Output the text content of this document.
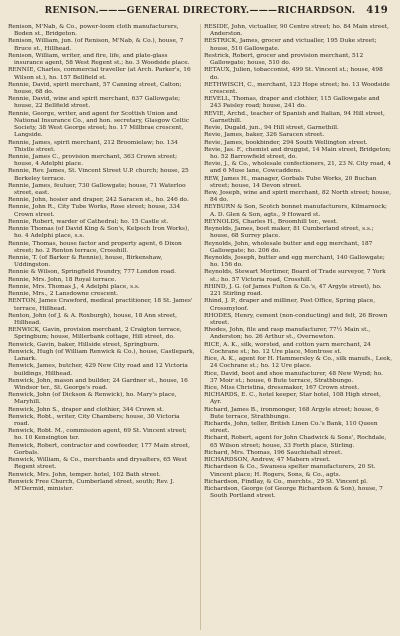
RENISON.———GENERAL DIRECTORY.———RICHARDSON. 419
Renison, M'Nab, & Co., power-loom cloth manufacturers, Boden st., Bridgeton.
Renison, William, jun. (of Renison, M'Nab, & Co.), house, 7 Bruce st., Hillhead.
Renison, William, writer, and fire, life, and plate-glass insurance agent, 58 West Regent st.; ho. 3 Woodside place.
RENNIE, Charles, commercial traveller (at Arch. Parker's, 16 Wilson st.), ho. 157 Bellfield st.
Rennie, David, spirit merchant, 57 Canning street, Calton; house, 68 do.
Rennie, David, wine and spirit merchant, 637 Gallowgate; house, 22 Bellfield street.
Rennie, George, writer, and agent for Scottish Union and National Insurance Co., and hon. secretary, Glasgow Celtic Society, 38 West George street; ho. 17 Millbrae crescent, Langside.
Rennie, James, spirit merchant, 212 Broomielaw; ho. 134 Thistle street.
Rennie, James C., provision merchant, 363 Crown street; house, 4 Adelphi place.
Rennie, Rev. James, St. Vincent Street U.P. church; house, 25 Berkeley terrace.
Rennie, James, feuluer, 730 Gallowgate; house, 71 Waterloo street, east.
Rennie, John, hosier and draper, 242 Saracen st., ho. 246 do.
Rennie, John R., City Tube Works, Rose street; house, 334 Crown street.
Rennie, Robert, warder of Cathedral; ho. 15 Castle st.
Rennie Thomas (of David King & Son's, Kelpoch Iron Works), ho. 4 Adelphi place, s.s.
Rennie, Thomas, house factor and property agent, 6 Dixon street; ho. 2 Renton terrace, Crosshill.
Rennie, T. (of Barker & Rennie), house, Birkenshaw, Uddingston.
Rennie & Wilson, Springfield Foundry, 777 London road.
Rennie, Mrs. John, 18 Royal terrace.
Rennie, Mrs. Thomas J., 4 Adelphi place, s.s.
Rennie, Mrs., 2 Lansdowne crescent.
RENTON, James Crawford, medical practitioner, 18 St. James' terrace, Hillhead.
Renton, John (of J. & A. Roxburgh), house, 18 Ann street, Hillhead.
RENWICK, Gavin, provision merchant, 2 Craigton terrace, Springbum; house, Millerbank cottage, Hill street, do.
Renwick, Gavin, baker, Hillside street, Springburn.
Renwick, Hugh (of William Renwick & Co.), house, Castlepark, Lanark.
Renwick, James, butcher, 429 New City road and 12 Victoria buildings, Hillhead.
Renwick, John, mason and builder, 24 Gardner st., house, 16 Windsor ter., St. George's road.
Renwick, John (of Dickson & Renwick), ho. Mary's place, Maryhill.
Renwick, John S., draper and clothier, 344 Crown st.
Renwick, Robt., writer, City Chambers; house, 30 Victoria road.
Renwick, Robt. M., commission agent, 69 St. Vincent street; ho. 10 Kensington ter.
Renwick, Robert, contractor and cowfeeder, 177 Main street, Gorbals.
Renwick, William, & Co., merchants and drysalters, 65 West Regent street.
Renwick, Mrs. John, temper. hotel, 102 Bath street.
Renwick Free Church, Cumberland street, south; Rev. J. M'Dermid, minister.
RESIDE, John, victualler, 90 Centre street; ho. 84 Main street, Anderston.
RESTRICK, James, grocer and victualler, 195 Duke street; house, 510 Gallowgate.
Restrick, Robert, grocer and provision merchant, 512 Gallowgate; house, 510 do.
RETAUX, Julien, tobacconist, 499 St. Vincent st.; house, 498 do.
RETHWISCH, C., merchant, 123 Hope street; ho. 13 Woodside crescent.
REVELL, Thomas, draper and clothier, 115 Gallowgate and 243 Paisley road; house, 241 do.
REVIE, Archd., teacher of Spanish and Italian, 94 Hill street, Garnethill.
Revie, Dugald, jun., 94 Hill street, Garnethill.
Revie, James, baker, 326 Saracen street.
Revie, James, bookbinder, 294 South Wellington street.
Revie, Jas. F., chemist and druggist, 14 Main street, Bridgeton; ho. 52 Barrowfield street, do.
Revie, J., & Co., wholesale confectioners, 21, 23 N. City road, 4 and 6 Muse lane, Cowcaddens.
REW, James H., manager, Gorbals Tube Works, 20 Buchan street; house, 14 Devon street.
Rew, Joseph, wine and spirit merchant, 82 North street; house, 84 do.
REYBURN & Son, Scotch bonnet manufacturers, Kilmarnock; A. D. Glen & Son, agts., 9 Howard st.
REYNOLDS, Charles H., Broomhill ter., west.
Reynolds, James, boot maker, 81 Cumberland street, s.s.; house, 68 Surrey place.
Reynolds, John, wholesale butter and egg merchant, 187 Gallowgate; ho. 206 do.
Reynolds, Joseph, butter and egg merchant, 140 Gallowgate; ho. 156 do.
Reynolds, Stewart Mortimer, Board of Trade surveyor, 7 York st.; ho. 57 Victoria road, Crosshill.
RHIND, J. G. (of James Fulton & Co.'s, 47 Argyle street), ho. 221 Stirling road.
Rhind, J. P., draper and milliner, Post Office, Spring place, Crossmyloof.
RHODES, Henry, cement (non-conducting) and felt, 26 Brown street.
Rhodes, John, file and rasp manufacturer, 77½ Main st., Anderston; ho. 26 Arthur st., Overnewton.
RICE, A. K., silk, worsted, and cotton yarn merchant, 24 Cochrane st.; ho. 12 Ure place, Montrose st.
Rice, A. K., agent for H. Hammersley & Co., silk manufs., Leek, 24 Cochrane st.; ho. 12 Ure place.
Rice, David, boot and shoe manufacturer, 48 New Wynd; ho. 37 Moir st.; house, 6 Bute terrace, Strathbungo.
Rice, Miss Christina, dressmaker, 167 Crown street.
RICHARDS, E. C., hotel keeper, Star hotel, 108 High street, Ayr.
Richard, James B., ironmonger, 168 Argyle street; house, 6 Bute terrace, Strathbungo.
Richards, John, teller, British Linen Co.'s Bank, 110 Queen street.
Richard, Robert, agent for John Chadwick & Sons', Rochdale, 65 Wilson street; house, 33 Forth place, Stirling.
Richard, Mrs. Thomas, 196 Sauchiehall street.
RICHARDSON, Andrew, 47 Mabern street.
Richardson & Co., Swansea spelter manufacturers, 20 St. Vincent place; H. Rogers, Sons, & Co., agts.
Richardson, Findlay, & Co., merchts., 29 St. Vincent pl.
Richardson, George (of George Richardson & Son), house, 7 South Portland street.
